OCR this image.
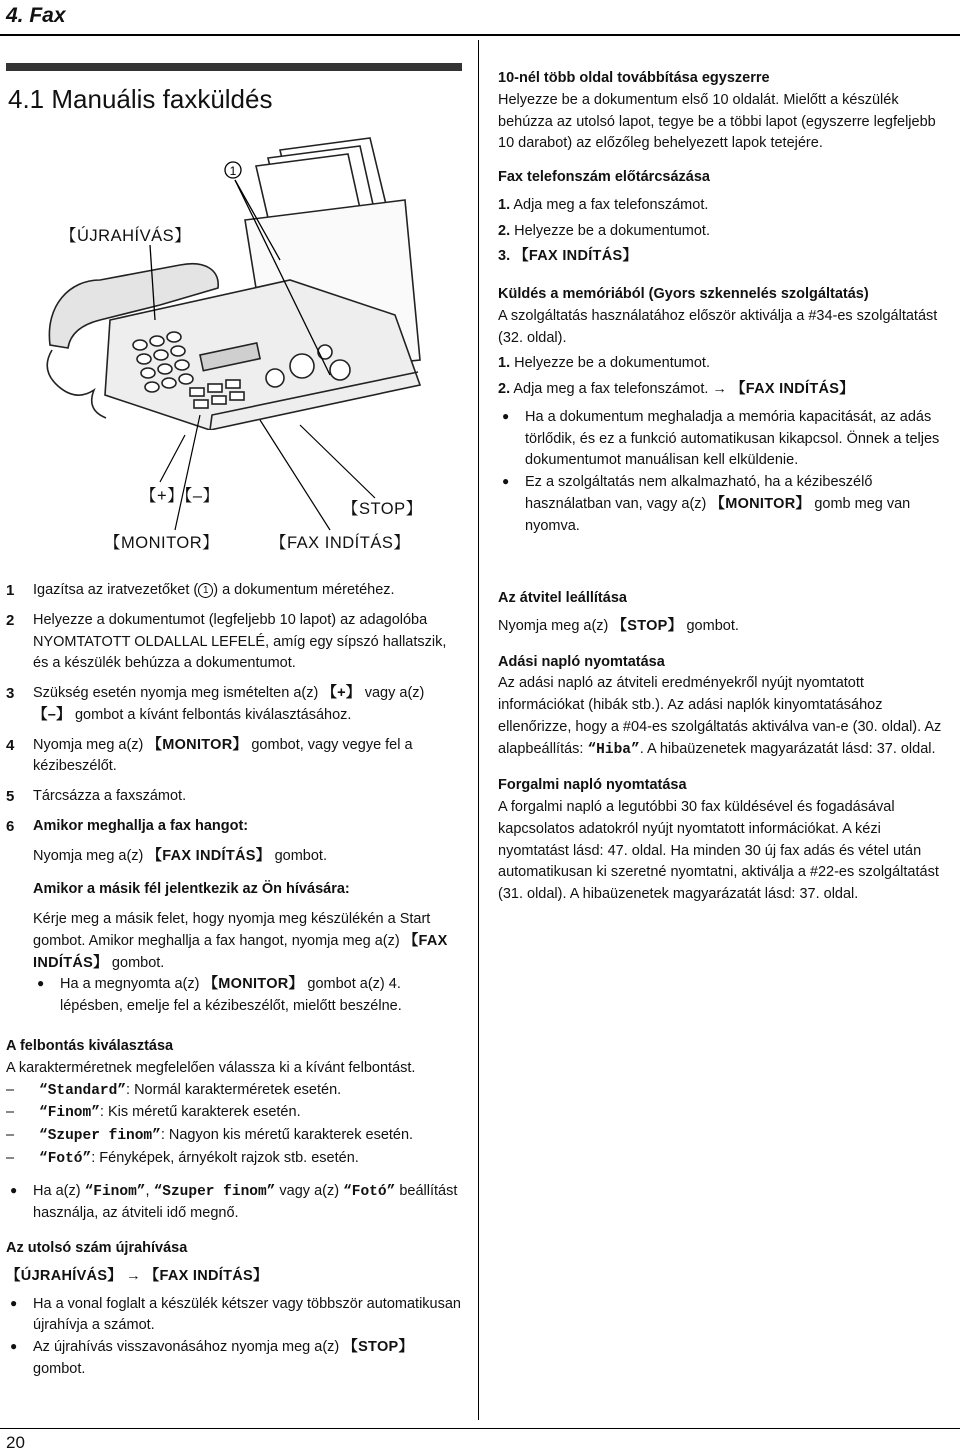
4. Fax
4.1 Manuális faxküldés
1
【ÚJRAHÍVÁS】
【+】【–】
【STOP】
【MONITOR】	【FAX INDÍTÁS】
1 Igazítsa az iratvezetőket ( 1 ) a dokumentum méretéhez.
2 Helyezze a dokumentumot (legfeljebb 10 lapot) az adagolóba NYOMTATOTT OLDALLAL LEFELÉ, amíg egy sípszó hallatszik, és a készülék behúzza a dokumentumot.
3 Szükség esetén nyomja meg ismételten a(z) 【+】 vagy a(z) 【–】 gombot a kívánt felbontás kiválasztásához.
4 Nyomja meg a(z) 【MONITOR】 gombot, vagy vegye fel a kézibeszélőt.
5 Tárcsázza a faxszámot.
6 Amikor meghallja a fax hangot:

Nyomja meg a(z) 【FAX INDÍTÁS】 gombot.

Amikor a másik fél jelentkezik az Ön hívására:

Kérje meg a másik felet, hogy nyomja meg készülékén a Start gombot. Amikor meghallja a fax hangot, nyomja meg a(z) 【FAX INDÍTÁS】 gombot.

● Ha a megnyomta a(z) 【MONITOR】 gombot a(z) 4. lépésben, emelje fel a kézibeszélőt, mielőtt beszélne.

A felbontás kiválasztása

A karakterméretnek megfelelően válassza ki a kívánt felbontást.

– “Standard”: Normál karakterméretek esetén.
– “Finom”: Kis méretű karakterek esetén.
– “Szuper finom”: Nagyon kis méretű karakterek esetén.
– “Fotó”: Fényképek, árnyékolt rajzok stb. esetén.
● Ha a(z) “Finom”, “Szuper finom” vagy a(z) “Fotó” beállítást használja, az átviteli idő megnő.

Az utolsó szám újrahívása

【ÚJRAHÍVÁS】 → 【FAX INDÍTÁS】

● Ha a vonal foglalt a készülék kétszer vagy többször automatikusan újrahívja a számot.
● Az újrahívás visszavonásához nyomja meg a(z) 【STOP】 gombot.

10-nél több oldal továbbítása egyszerre

Helyezze be a dokumentum első 10 oldalát. Mielőtt a készülék behúzza az utolsó lapot, tegye be a többi lapot (egyszerre legfeljebb 10 darabot) az előzőleg behelyezett lapok tetejére.

Fax telefonszám előtárcsázása

1. Adja meg a fax telefonszámot.

2. Helyezze be a dokumentumot.

3. 【FAX INDÍTÁS】

Küldés a memóriából (Gyors szkennelés szolgáltatás)

A szolgáltatás használatához először aktiválja a #34-es szolgáltatást (32. oldal).

1. Helyezze be a dokumentumot.

2. Adja meg a fax telefonszámot. → 【FAX INDÍTÁS】

● Ha a dokumentum meghaladja a memória kapacitását, az adás törlődik, és ez a funkció automatikusan kikapcsol. Önnek a teljes dokumentumot manuálisan kell elküldenie.
● Ez a szolgáltatás nem alkalmazható, ha a kézibeszélő használatban van, vagy a(z) 【MONITOR】 gomb meg van nyomva.

Az átvitel leállítása

Nyomja meg a(z) 【STOP】 gombot.

Adási napló nyomtatása

Az adási napló az átviteli eredményekről nyújt nyomtatott információkat (hibák stb.). Az adási naplók kinyomtatásához ellenőrizze, hogy a #04-es szolgáltatás aktiválva van-e (30. oldal). Az alapbeállítás: “Hiba”. A hibaüzenetek magyarázatát lásd: 37. oldal.

Forgalmi napló nyomtatása

A forgalmi napló a legutóbbi 30 fax küldésével és fogadásával kapcsolatos adatokról nyújt nyomtatott információkat. A kézi nyomtatást lásd: 47. oldal. Ha minden 30 új fax adás és vétel után automatikusan ki szeretné nyomtatni, aktiválja a #22-es szolgáltatást (31. oldal). A hibaüzenetek magyarázatát lásd: 37. oldal.

20
